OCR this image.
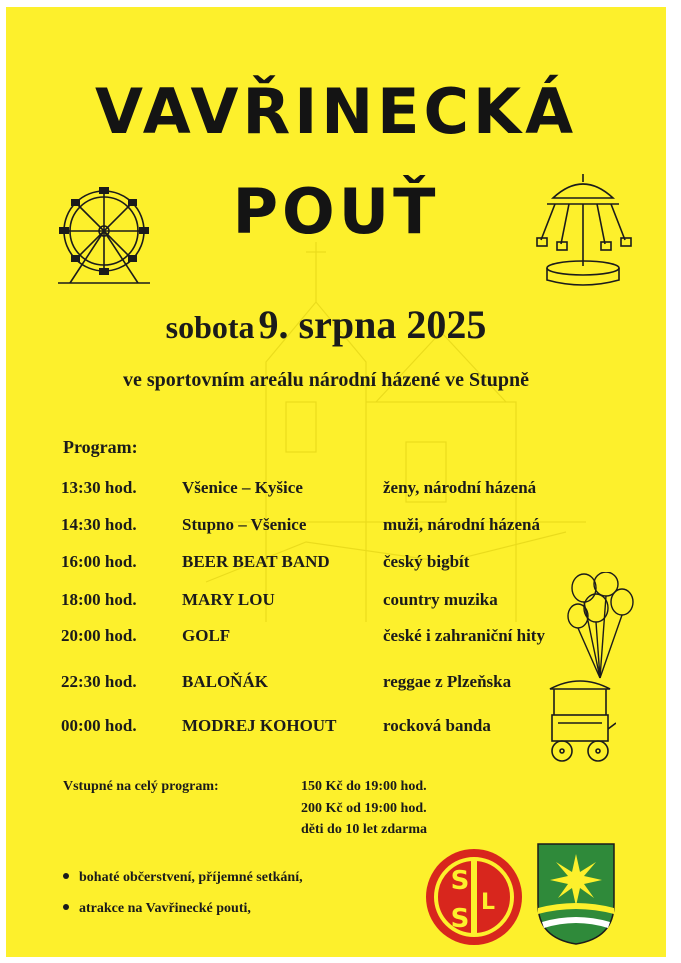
VAVŘINECKÁ
POUŤ
sobota 9. srpna 2025
ve sportovním areálu národní házené ve Stupně
Program:
13:30 hod.	Všenice – Kyšice	ženy, národní házená
14:30 hod.	Stupno – Všenice	muži, národní házená
16:00 hod.	BEER BEAT BAND	český bigbít
18:00 hod.	MARY LOU	country muzika
20:00 hod.	GOLF	české i zahraniční hity
22:30 hod.	BALOŇÁK	reggae z Plzeňska
00:00 hod.	MODREJ KOHOUT	rocková banda
Vstupné na celý program:	150 Kč do 19:00 hod.
200 Kč od 19:00 hod.
děti do 10 let zdarma
bohaté občerstvení, příjemné setkání,
atrakce na Vavřinecké pouti,
S
L
S
